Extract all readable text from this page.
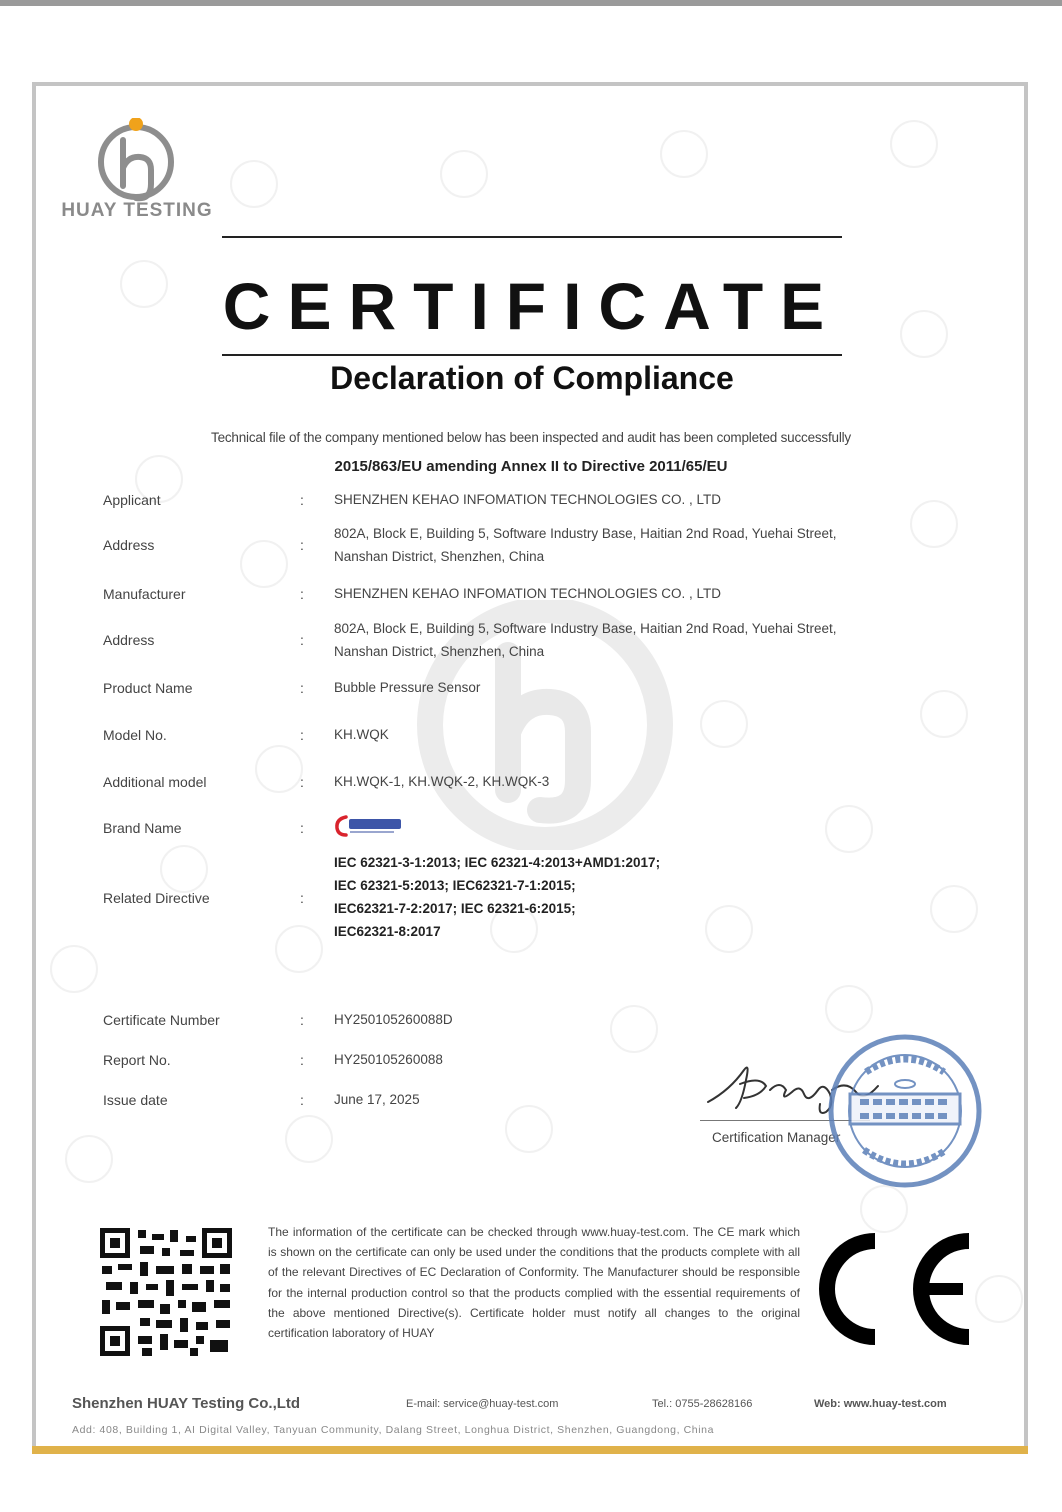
HUAY TESTING
CERTIFICATE
Declaration of Compliance
Technical file of the company mentioned below has been inspected and audit has been completed successfully
2015/863/EU amending Annex II to Directive 2011/65/EU
Applicant	: SHENZHEN KEHAO INFOMATION TECHNOLOGIES CO. , LTD
Address	:
802A, Block E, Building 5, Software Industry Base, Haitian 2nd Road, Yuehai Street,
Nanshan District, Shenzhen, China
Manufacturer	: SHENZHEN KEHAO INFOMATION TECHNOLOGIES CO. , LTD
Address	:
802A, Block E, Building 5, Software Industry Base, Haitian 2nd Road, Yuehai Street,
Nanshan District, Shenzhen, China
Product Name	: Bubble Pressure Sensor
Model No.	: KH.WQK
Additional model	: KH.WQK-1, KH.WQK-2, KH.WQK-3
Brand Name	:
Related Directive	:
IEC 62321-3-1:2013; IEC 62321-4:2013+AMD1:2017;
IEC 62321-5:2013; IEC62321-7-1:2015;
IEC62321-7-2:2017; IEC 62321-6:2015;
IEC62321-8:2017
Certificate Number	: HY250105260088D
Report No.	: HY250105260088
Issue date	: June 17, 2025
Certification Manager
The information of the certificate can be checked through www.huay-test.com. The CE mark which is shown on the certificate can only be used under the conditions that the products complete with all of the relevant Directives of EC Declaration of Conformity. The Manufacturer should be responsible for the internal production control so that the products complied with the essential requirements of the above mentioned Directive(s). Certificate holder must notify all changes to the original certification laboratory of HUAY
Shenzhen HUAY Testing Co.,Ltd	E-mail: service@huay-test.com	Tel.: 0755-28628166	Web: www.huay-test.com
Add: 408, Building 1, AI Digital Valley, Tanyuan Community, Dalang Street, Longhua District, Shenzhen, Guangdong, China
